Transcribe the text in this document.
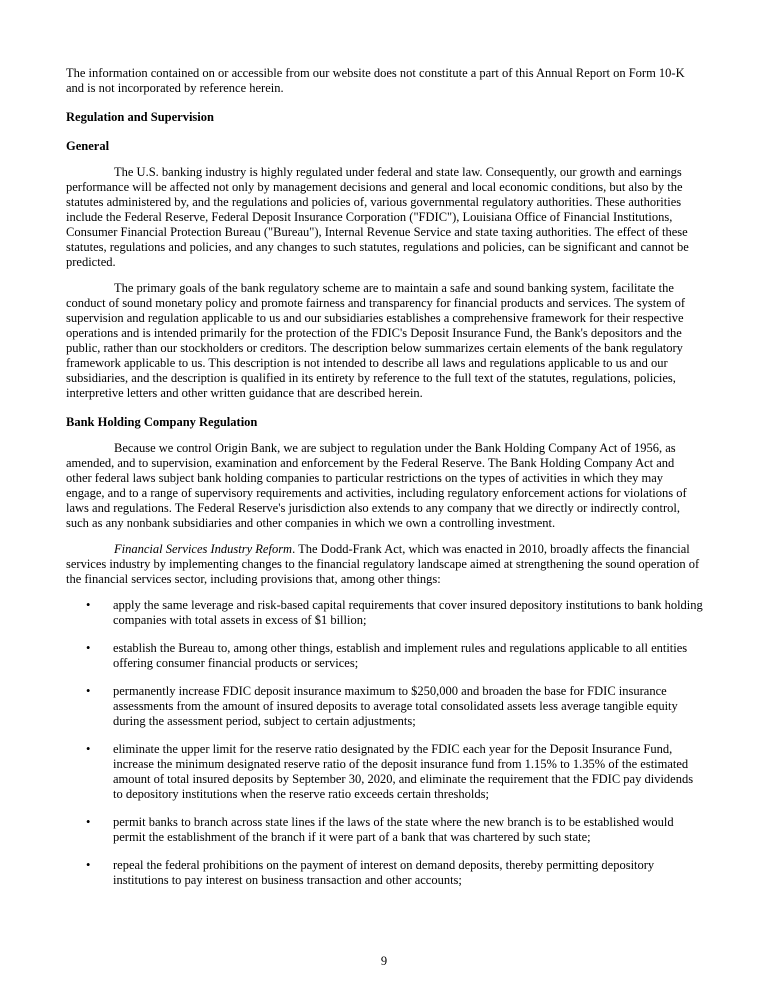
The information contained on or accessible from our website does not constitute a part of this Annual Report on Form 10-K and is not incorporated by reference herein.

Regulation and Supervision
General

The U.S. banking industry is highly regulated under federal and state law. Consequently, our growth and earnings performance will be affected not only by management decisions and general and local economic conditions, but also by the statutes administered by, and the regulations and policies of, various governmental regulatory authorities. These authorities include the Federal Reserve, Federal Deposit Insurance Corporation ("FDIC"), Louisiana Office of Financial Institutions, Consumer Financial Protection Bureau ("Bureau"), Internal Revenue Service and state taxing authorities. The effect of these statutes, regulations and policies, and any changes to such statutes, regulations and policies, can be significant and cannot be predicted.

The primary goals of the bank regulatory scheme are to maintain a safe and sound banking system, facilitate the conduct of sound monetary policy and promote fairness and transparency for financial products and services. The system of supervision and regulation applicable to us and our subsidiaries establishes a comprehensive framework for their respective operations and is intended primarily for the protection of the FDIC's Deposit Insurance Fund, the Bank's depositors and the public, rather than our stockholders or creditors. The description below summarizes certain elements of the bank regulatory framework applicable to us. This description is not intended to describe all laws and regulations applicable to us and our subsidiaries, and the description is qualified in its entirety by reference to the full text of the statutes, regulations, policies, interpretive letters and other written guidance that are described herein.

Bank Holding Company Regulation

Because we control Origin Bank, we are subject to regulation under the Bank Holding Company Act of 1956, as amended, and to supervision, examination and enforcement by the Federal Reserve. The Bank Holding Company Act and other federal laws subject bank holding companies to particular restrictions on the types of activities in which they may engage, and to a range of supervisory requirements and activities, including regulatory enforcement actions for violations of laws and regulations. The Federal Reserve's jurisdiction also extends to any company that we directly or indirectly control, such as any nonbank subsidiaries and other companies in which we own a controlling investment.

Financial Services Industry Reform. The Dodd-Frank Act, which was enacted in 2010, broadly affects the financial services industry by implementing changes to the financial regulatory landscape aimed at strengthening the sound operation of the financial services sector, including provisions that, among other things:

• apply the same leverage and risk-based capital requirements that cover insured depository institutions to bank holding companies with total assets in excess of $1 billion;
• establish the Bureau to, among other things, establish and implement rules and regulations applicable to all entities offering consumer financial products or services;
• permanently increase FDIC deposit insurance maximum to $250,000 and broaden the base for FDIC insurance assessments from the amount of insured deposits to average total consolidated assets less average tangible equity during the assessment period, subject to certain adjustments;
• eliminate the upper limit for the reserve ratio designated by the FDIC each year for the Deposit Insurance Fund, increase the minimum designated reserve ratio of the deposit insurance fund from 1.15% to 1.35% of the estimated amount of total insured deposits by September 30, 2020, and eliminate the requirement that the FDIC pay dividends to depository institutions when the reserve ratio exceeds certain thresholds;
• permit banks to branch across state lines if the laws of the state where the new branch is to be established would permit the establishment of the branch if it were part of a bank that was chartered by such state;
• repeal the federal prohibitions on the payment of interest on demand deposits, thereby permitting depository institutions to pay interest on business transaction and other accounts;
9
